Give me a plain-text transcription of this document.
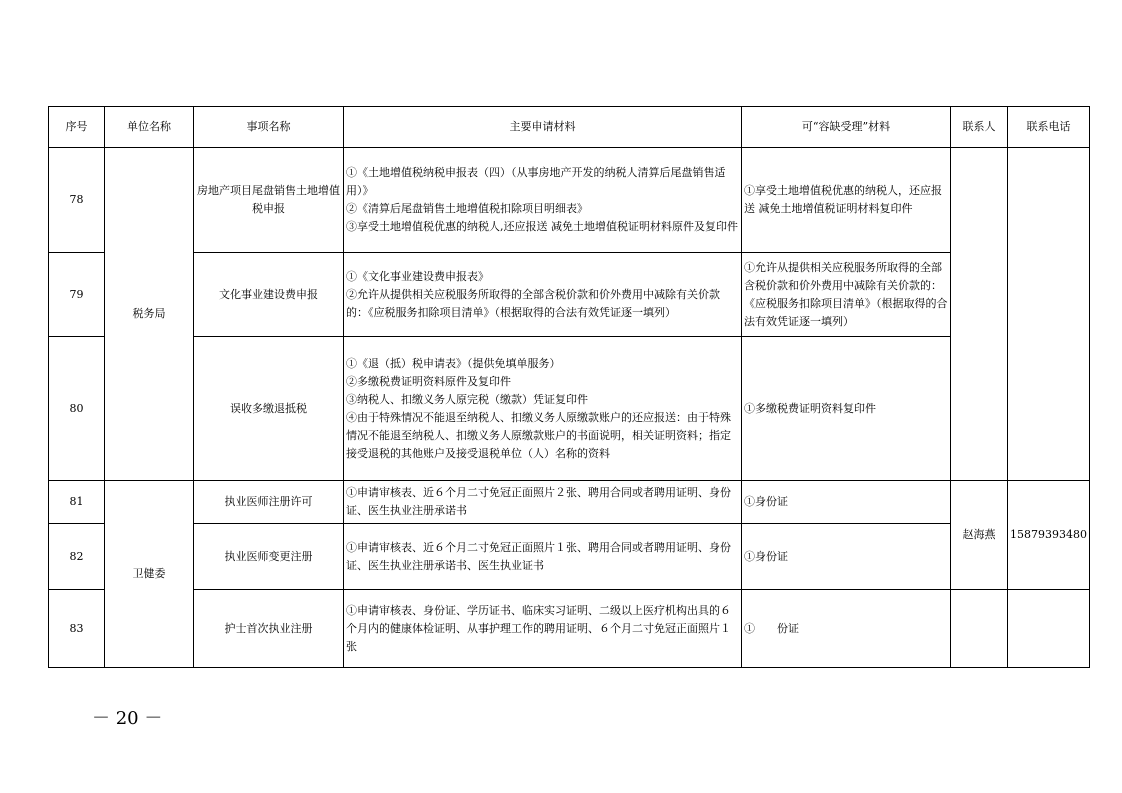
序号	单位名称	事项名称	主要申请材料	可“容缺受理”材料	联系人	联系电话
78	税务局	房地产项目尾盘销售土地增值税申报	①《土地增值税纳税申报表（四）（从事房地产开发的纳税人清算后尾盘销售适用）》
②《清算后尾盘销售土地增值税扣除项目明细表》
③享受土地增值税优惠的纳税人,还应报送 减免土地增值税证明材料原件及复印件	①享受土地增值税优惠的纳税人，还应报送 减免土地增值税证明材料复印件		
79		文化事业建设费申报	①《文化事业建设费申报表》
②允许从提供相关应税服务所取得的全部含税价款和价外费用中减除有关价款的：《应税服务扣除项目清单》（根据取得的合法有效凭证逐一填列）	①允许从提供相关应税服务所取得的全部含税价款和价外费用中减除有关价款的：《应税服务扣除项目清单》（根据取得的合法有效凭证逐一填列）		
80		误收多缴退抵税	①《退（抵）税申请表》（提供免填单服务）
②多缴税费证明资料原件及复印件
③纳税人、扣缴义务人原完税（缴款）凭证复印件
④由于特殊情况不能退至纳税人、扣缴义务人原缴款账户的还应报送：由于特殊情况不能退至纳税人、扣缴义务人原缴款账户的书面说明，相关证明资料；指定接受退税的其他账户及接受退税单位（人）名称的资料	①多缴税费证明资料复印件		
81	卫健委	执业医师注册许可	①申请审核表、近６个月二寸免冠正面照片２张、聘用合同或者聘用证明、身份证、医生执业注册承诺书	①身份证	赵海燕	15879393480
82		执业医师变更注册	①申请审核表、近６个月二寸免冠正面照片１张、聘用合同或者聘用证明、身份证、医生执业注册承诺书、医生执业证书	①身份证		
83		护士首次执业注册	①申请审核表、身份证、学历证书、临床实习证明、二级以上医疗机构出具的６个月内的健康体检证明、从事护理工作的聘用证明、６个月二寸免冠正面照片１张	①　　份证		
－ 20 －
